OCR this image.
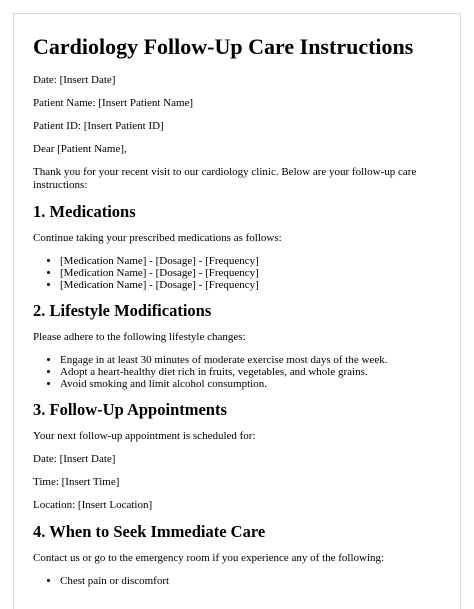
Cardiology Follow-Up Care Instructions

Date: [Insert Date]

Patient Name: [Insert Patient Name]

Patient ID: [Insert Patient ID]

Dear [Patient Name],

Thank you for your recent visit to our cardiology clinic. Below are your follow-up care instructions:

1. Medications

Continue taking your prescribed medications as follows:

• [Medication Name] - [Dosage] - [Frequency]
• [Medication Name] - [Dosage] - [Frequency]
• [Medication Name] - [Dosage] - [Frequency]
2. Lifestyle Modifications

Please adhere to the following lifestyle changes:

• Engage in at least 30 minutes of moderate exercise most days of the week.
• Adopt a heart-healthy diet rich in fruits, vegetables, and whole grains.
• Avoid smoking and limit alcohol consumption.
3. Follow-Up Appointments

Your next follow-up appointment is scheduled for:

Date: [Insert Date]

Time: [Insert Time]

Location: [Insert Location]

4. When to Seek Immediate Care

Contact us or go to the emergency room if you experience any of the following:

• Chest pain or discomfort
